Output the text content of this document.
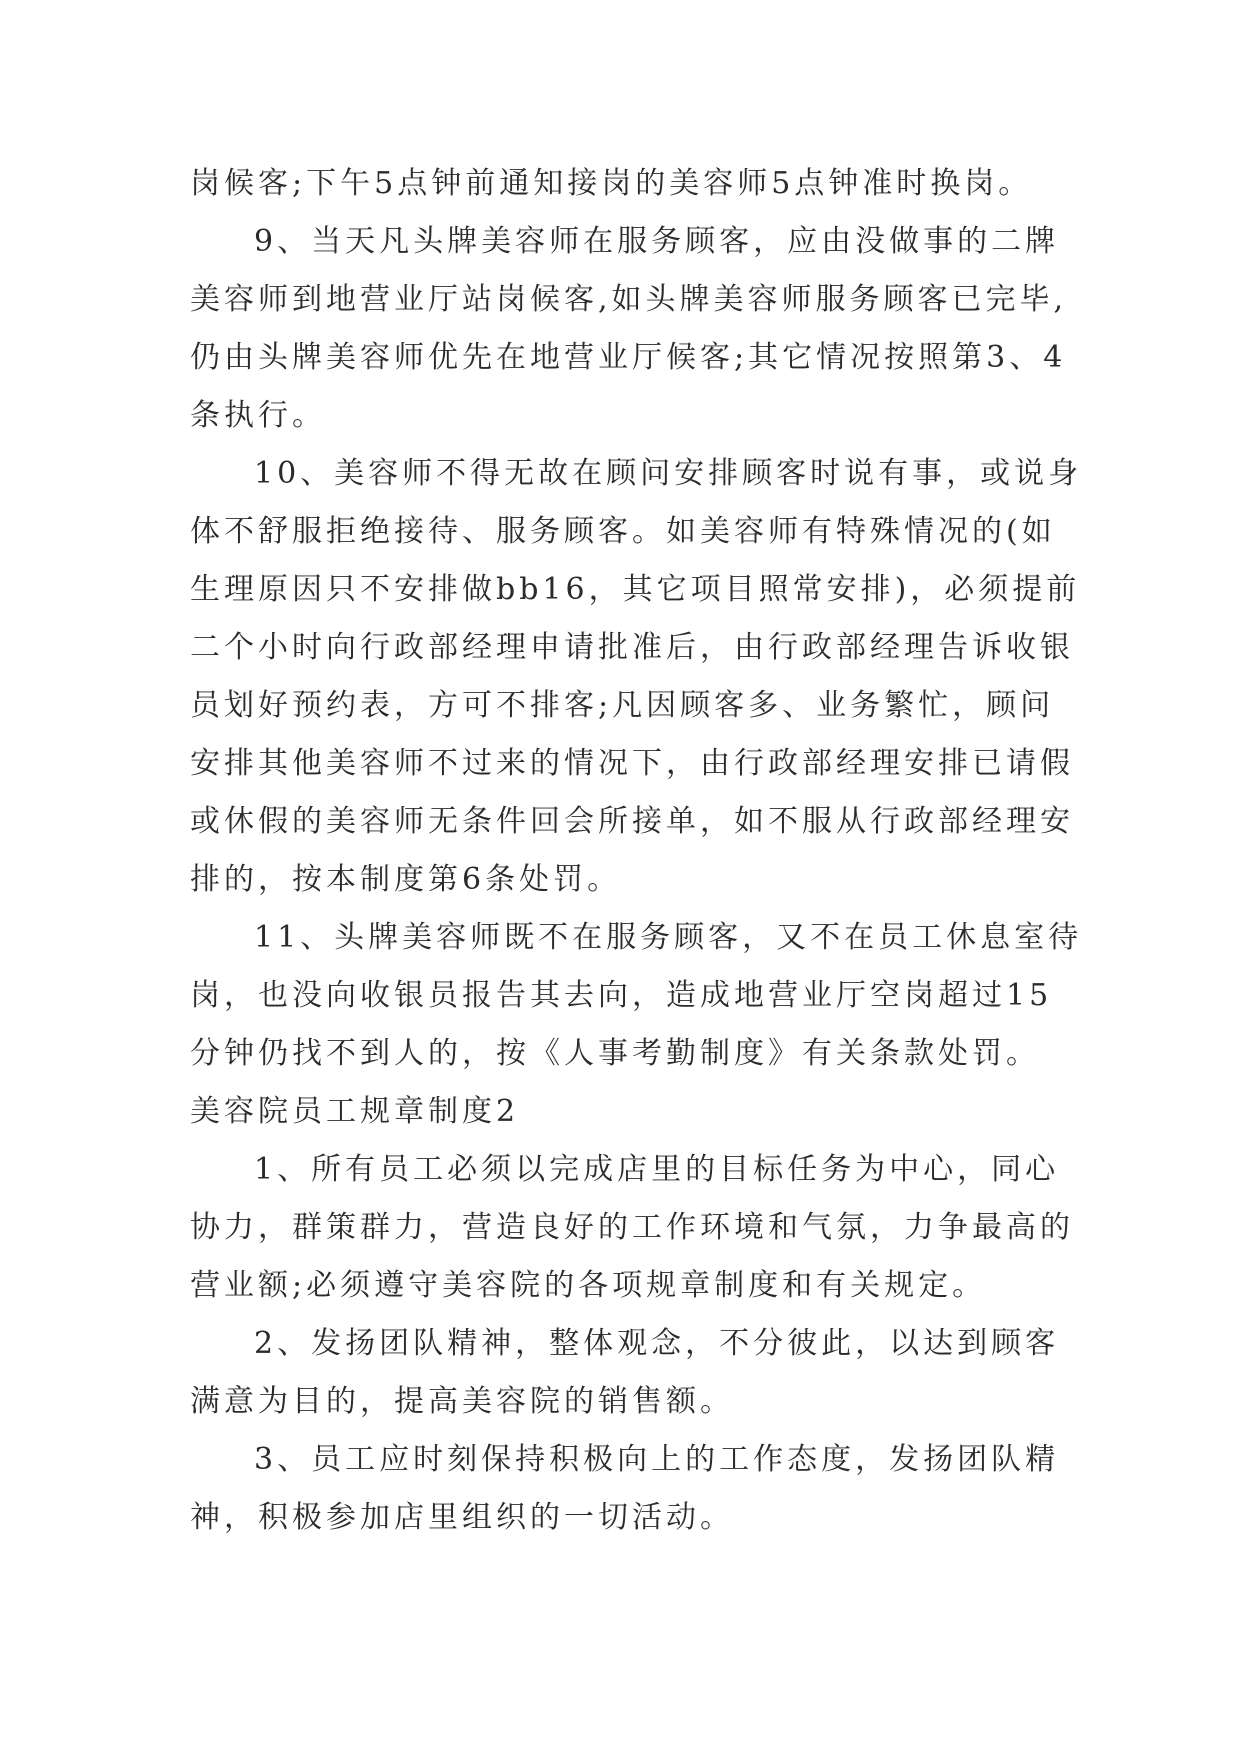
岗候客;下午5点钟前通知接岗的美容师5点钟准时换岗。
9、当天凡头牌美容师在服务顾客，应由没做事的二牌
美容师到地营业厅站岗候客,如头牌美容师服务顾客已完毕,
仍由头牌美容师优先在地营业厅候客;其它情况按照第3、4
条执行。
10、美容师不得无故在顾问安排顾客时说有事，或说身
体不舒服拒绝接待、服务顾客。如美容师有特殊情况的(如
生理原因只不安排做bb16，其它项目照常安排)，必须提前
二个小时向行政部经理申请批准后，由行政部经理告诉收银
员划好预约表，方可不排客;凡因顾客多、业务繁忙，顾问
安排其他美容师不过来的情况下，由行政部经理安排已请假
或休假的美容师无条件回会所接单，如不服从行政部经理安
排的，按本制度第6条处罚。
11、头牌美容师既不在服务顾客，又不在员工休息室待
岗，也没向收银员报告其去向，造成地营业厅空岗超过15
分钟仍找不到人的，按《人事考勤制度》有关条款处罚。
美容院员工规章制度2
1、所有员工必须以完成店里的目标任务为中心，同心
协力，群策群力，营造良好的工作环境和气氛，力争最高的
营业额;必须遵守美容院的各项规章制度和有关规定。
2、发扬团队精神，整体观念，不分彼此，以达到顾客
满意为目的，提高美容院的销售额。
3、员工应时刻保持积极向上的工作态度，发扬团队精
神，积极参加店里组织的一切活动。
